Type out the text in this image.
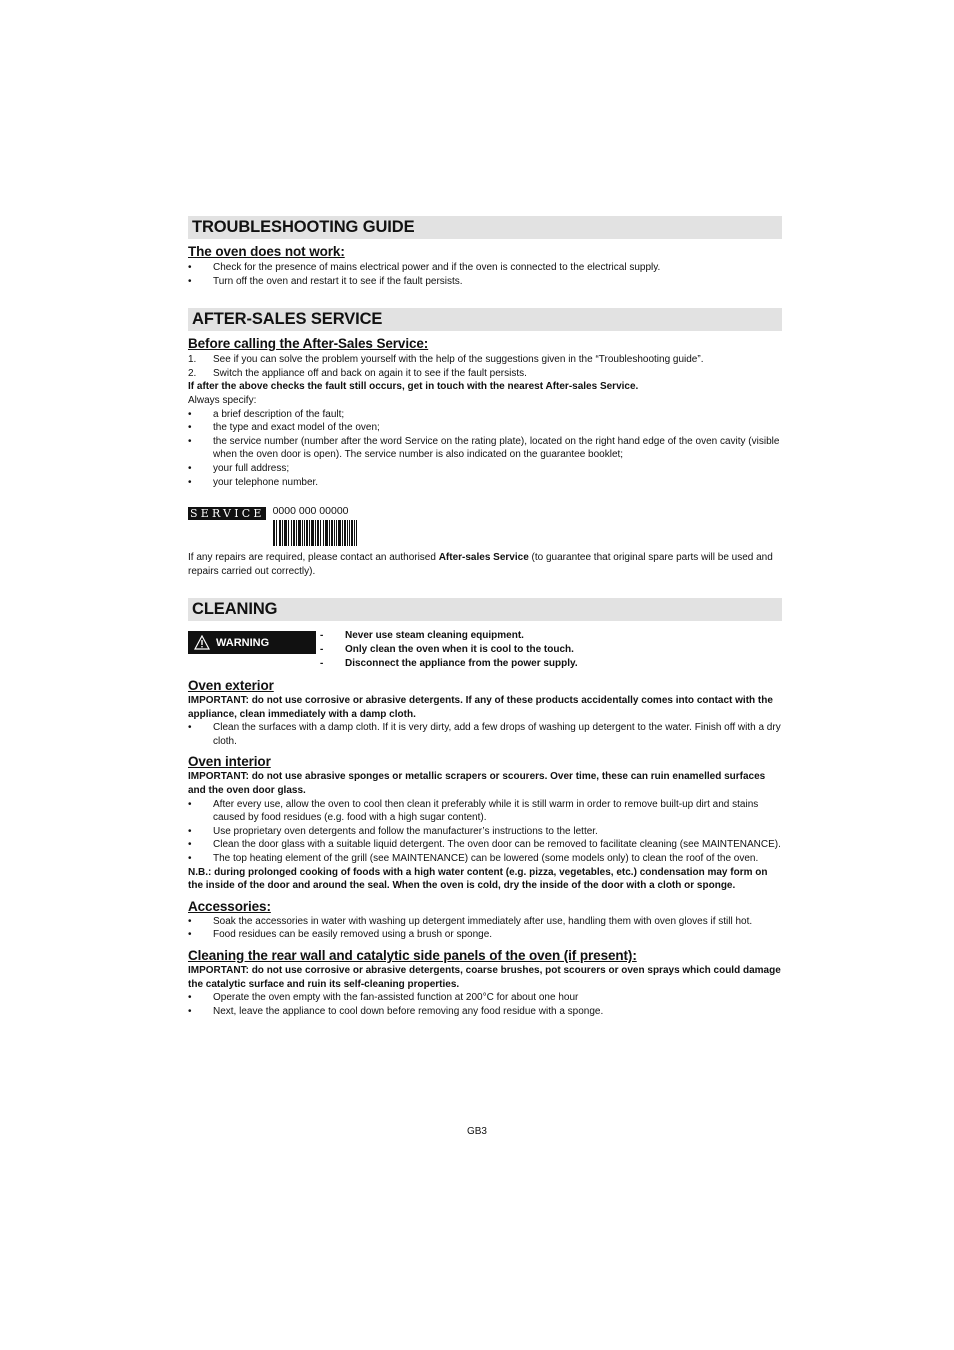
TROUBLESHOOTING GUIDE
The oven does not work:
• Check for the presence of mains electrical power and if the oven is connected to the electrical supply.
• Turn off the oven and restart it to see if the fault persists.
AFTER-SALES SERVICE
Before calling the After-Sales Service:
1. See if you can solve the problem yourself with the help of the suggestions given in the “Troubleshooting guide”.
2. Switch the appliance off and back on again it to see if the fault persists.
If after the above checks the fault still occurs, get in touch with the nearest After-sales Service.
Always specify:
• a brief description of the fault;
• the type and exact model of the oven;
• the service number (number after the word Service on the rating plate), located on the right hand edge of the oven cavity (visible when the oven door is open). The service number is also indicated on the guarantee booklet;
• your full address;
• your telephone number.
SERVICE 0000 000 00000
If any repairs are required, please contact an authorised After-sales Service (to guarantee that original spare parts will be used and repairs carried out correctly).
CLEANING
WARNING
- Never use steam cleaning equipment.
- Only clean the oven when it is cool to the touch.
- Disconnect the appliance from the power supply.
Oven exterior
IMPORTANT: do not use corrosive or abrasive detergents. If any of these products accidentally comes into contact with the appliance, clean immediately with a damp cloth.
• Clean the surfaces with a damp cloth. If it is very dirty, add a few drops of washing up detergent to the water. Finish off with a dry cloth.
Oven interior
IMPORTANT: do not use abrasive sponges or metallic scrapers or scourers. Over time, these can ruin enamelled surfaces and the oven door glass.
• After every use, allow the oven to cool then clean it preferably while it is still warm in order to remove built-up dirt and stains caused by food residues (e.g. food with a high sugar content).
• Use proprietary oven detergents and follow the manufacturer’s instructions to the letter.
• Clean the door glass with a suitable liquid detergent. The oven door can be removed to facilitate cleaning (see MAINTENANCE).
• The top heating element of the grill (see MAINTENANCE) can be lowered (some models only) to clean the roof of the oven.
N.B.: during prolonged cooking of foods with a high water content (e.g. pizza, vegetables, etc.) condensation may form on the inside of the door and around the seal. When the oven is cold, dry the inside of the door with a cloth or sponge.
Accessories:
• Soak the accessories in water with washing up detergent immediately after use, handling them with oven gloves if still hot.
• Food residues can be easily removed using a brush or sponge.
Cleaning the rear wall and catalytic side panels of the oven (if present):
IMPORTANT: do not use corrosive or abrasive detergents, coarse brushes, pot scourers or oven sprays which could damage the catalytic surface and ruin its self-cleaning properties.
• Operate the oven empty with the fan-assisted function at 200°C for about one hour
• Next, leave the appliance to cool down before removing any food residue with a sponge.
GB3
